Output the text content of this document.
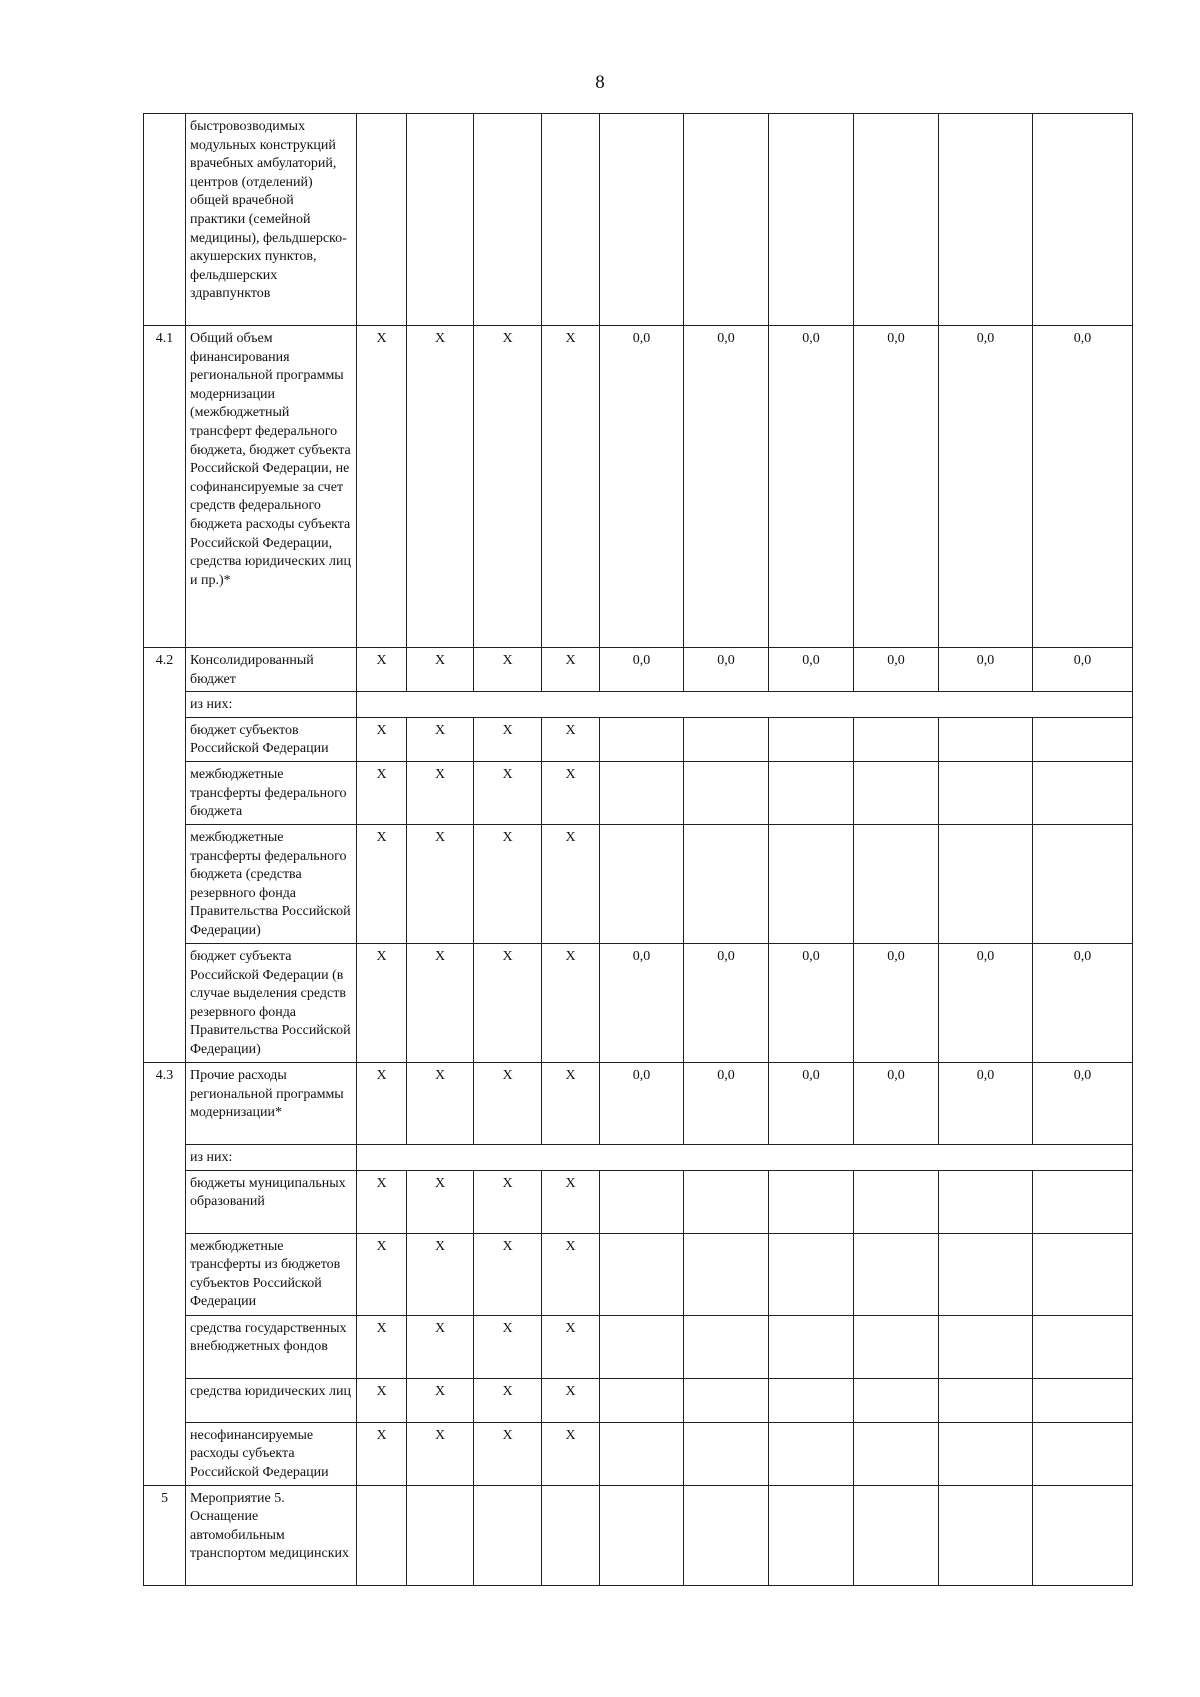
8
	быстровозводимых модульных конструкций врачебных амбулаторий, центров (отделений) общей врачебной практики (семейной медицины), фельдшерско-акушерских пунктов, фельдшерских здравпунктов										
4.1	Общий объем финансирования региональной программы модернизации (межбюджетный трансферт федерального бюджета, бюджет субъекта Российской Федерации, не софинансируемые за счет средств федерального бюджета расходы субъекта Российской Федерации, средства юридических лиц и пр.)*	X	X	X	X	0,0	0,0	0,0	0,0	0,0	0,0
4.2	Консолидированный бюджет	X	X	X	X	0,0	0,0	0,0	0,0	0,0	0,0
	из них:										
	бюджет субъектов Российской Федерации	X	X	X	X						
	межбюджетные трансферты федерального бюджета	X	X	X	X						
	межбюджетные трансферты федерального бюджета (средства резервного фонда Правительства Российской Федерации)	X	X	X	X						
	бюджет субъекта Российской Федерации (в случае выделения средств резервного фонда Правительства Российской Федерации)	X	X	X	X	0,0	0,0	0,0	0,0	0,0	0,0
4.3	Прочие расходы региональной программы модернизации*	X	X	X	X	0,0	0,0	0,0	0,0	0,0	0,0
	из них:										
	бюджеты муниципальных образований	X	X	X	X						
	межбюджетные трансферты из бюджетов субъектов Российской Федерации	X	X	X	X						
	средства государственных внебюджетных фондов	X	X	X	X						
	средства юридических лиц	X	X	X	X						
	несофинансируемые расходы субъекта Российской Федерации	X	X	X	X						
5	Мероприятие 5. Оснащение автомобильным транспортом медицинских										
